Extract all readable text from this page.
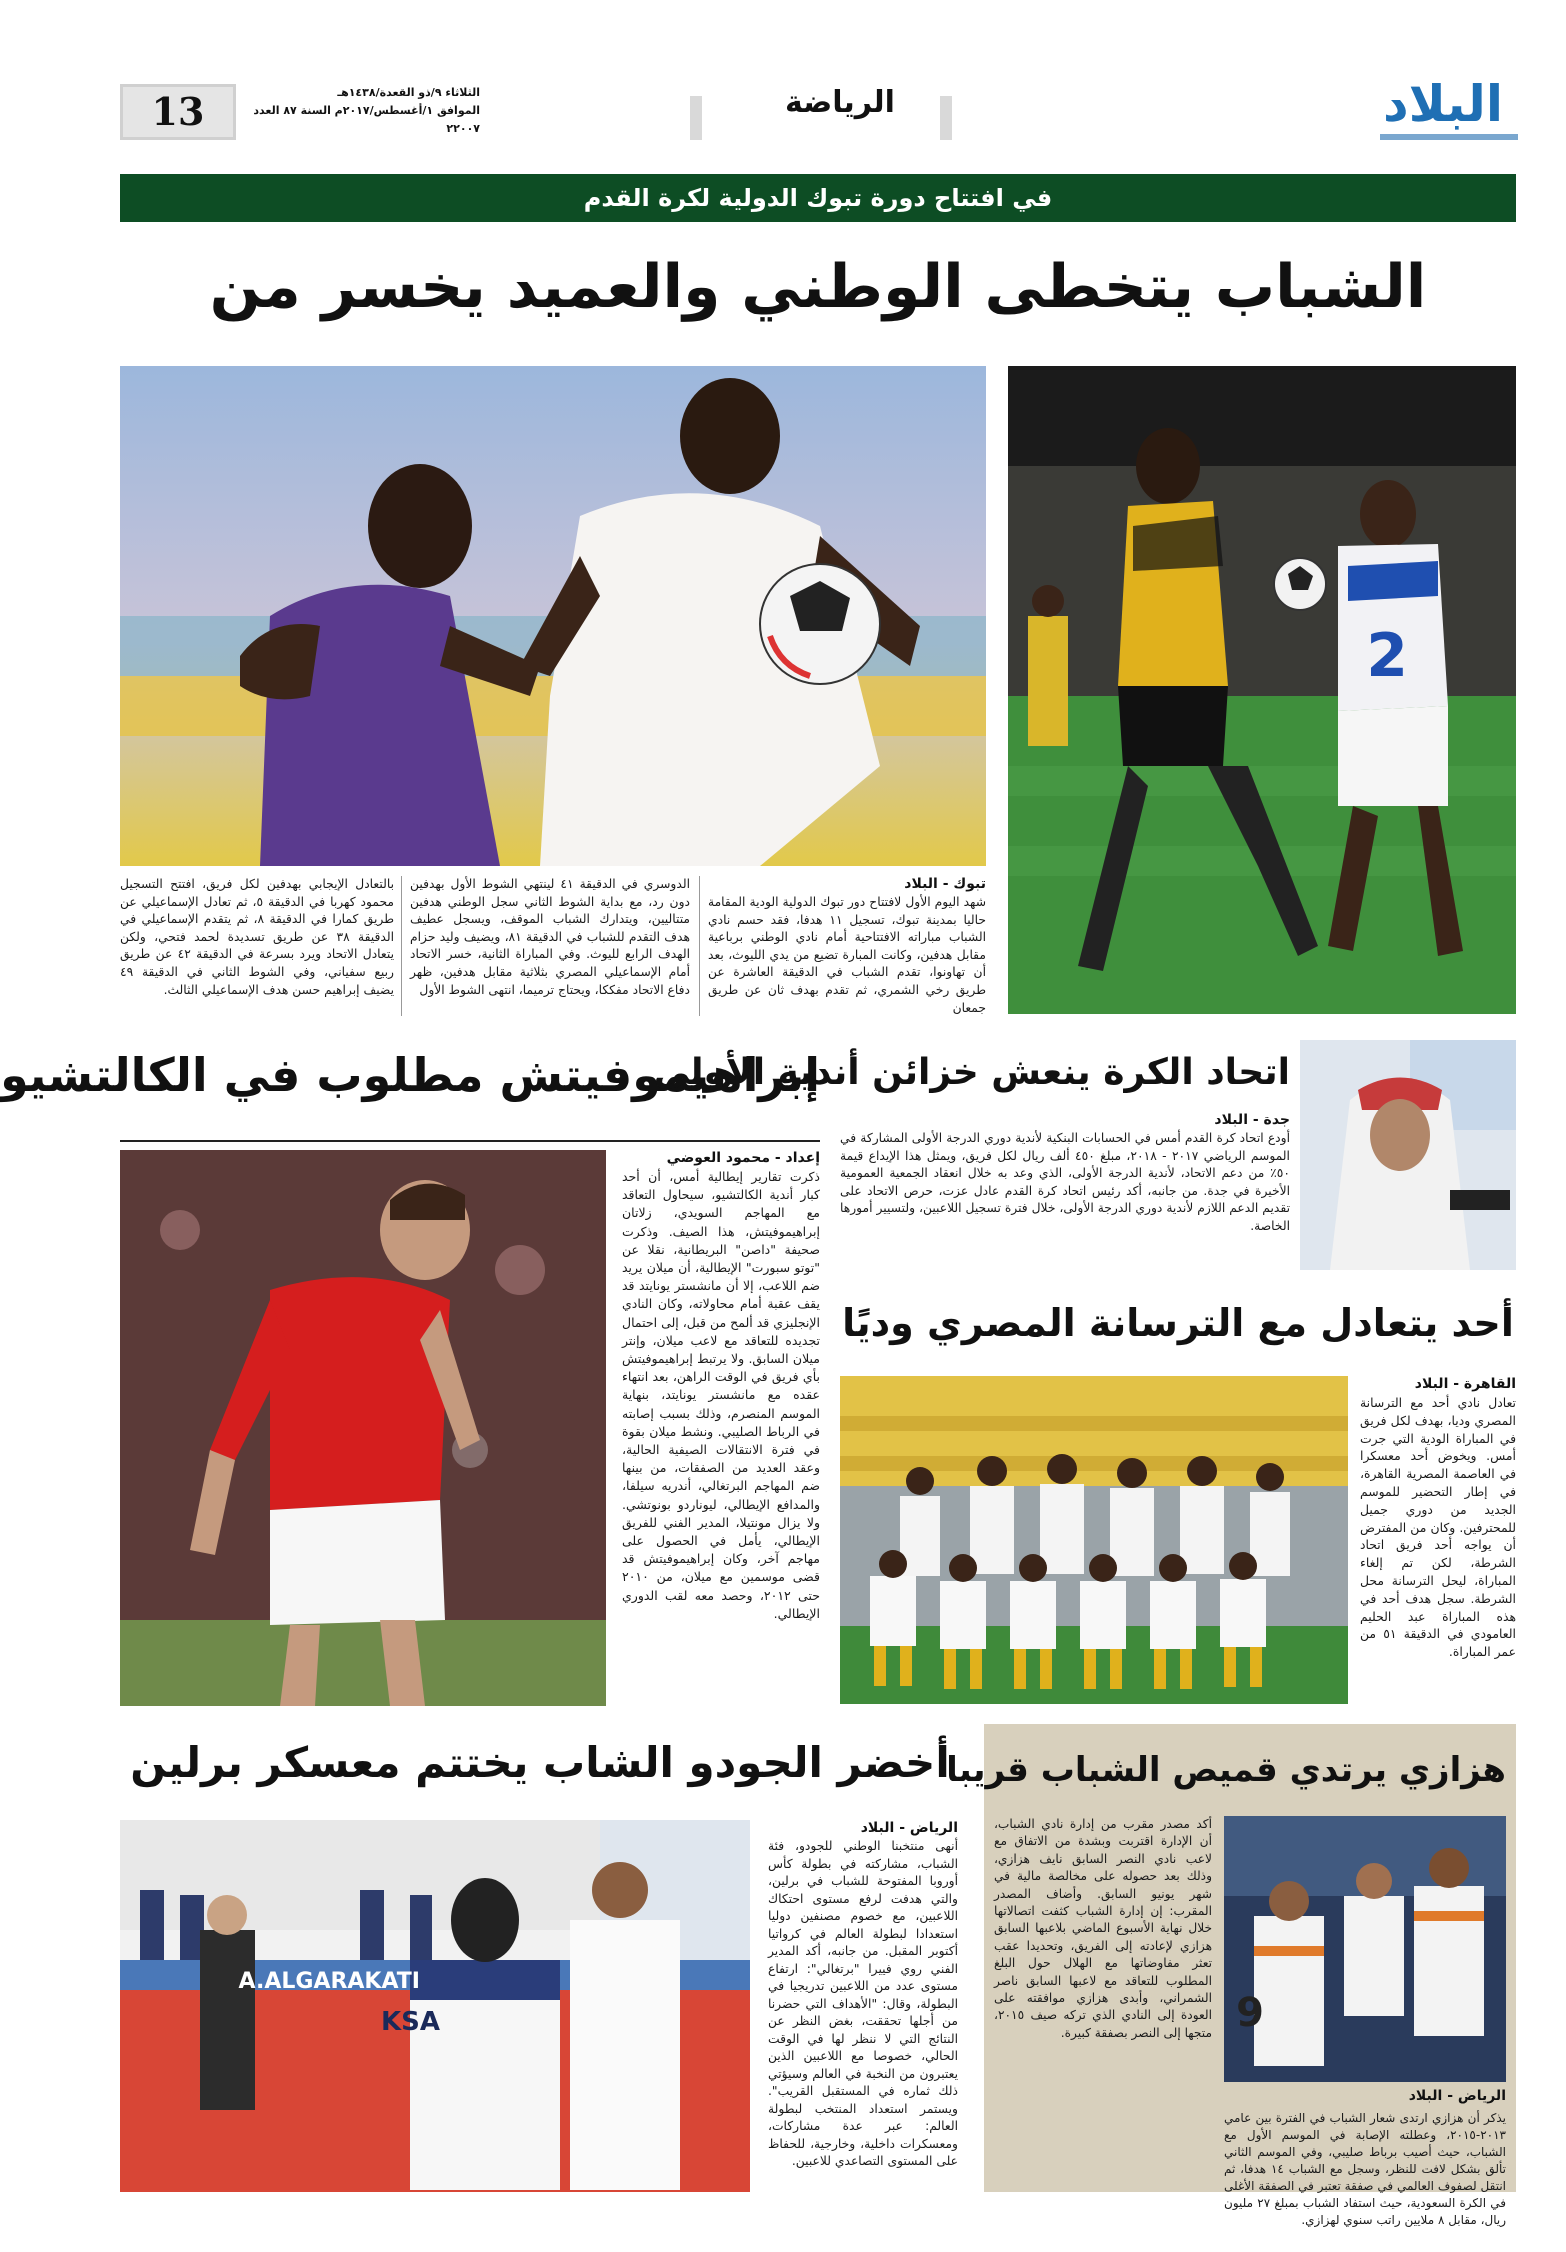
البلاد
الرياضة
الثلاثاء ٩/ذو القعدة/١٤٣٨هـ
الموافق ١/أغسطس/٢٠١٧م السنة ٨٧ العدد ٢٢٠٠٧
13
في افتتاح دورة تبوك الدولية لكرة القدم
الشباب يتخطى الوطني والعميد يخسر من
2
تبوك - البلاد
شهد اليوم الأول لافتتاح دور تبوك الدولية الودية المقامة حاليا بمدينة تبوك، تسجيل ١١ هدفا، فقد حسم نادي الشباب مباراته الافتتاحية أمام نادي الوطني برباعية مقابل هدفين، وكانت المبارة تضيع من يدي الليوث، بعد أن تهاونوا، تقدم الشباب في الدقيقة العاشرة عن طريق رخي الشمري، ثم تقدم بهدف ثان عن طريق جمعان
الدوسري في الدقيقة ٤١ لينتهي الشوط الأول بهدفين دون رد، مع بداية الشوط الثاني سجل الوطني هدفين متتاليين، ويتدارك الشباب الموقف، ويسجل عطيف هدف التقدم للشباب في الدقيقة ٨١، ويضيف وليد حزام الهدف الرابع لليوث. وفي المباراة الثانية، خسر الاتحاد أمام الإسماعيلي المصري بثلاثية مقابل هدفين، ظهر دفاع الاتحاد مفككا، ويحتاج ترميما، انتهى الشوط الأول
بالتعادل الإيجابي بهدفين لكل فريق، افتتح التسجيل محمود كهربا في الدقيقة ٥، ثم تعادل الإسماعيلي عن طريق كمارا في الدقيقة ٨، ثم يتقدم الإسماعيلي في الدقيقة ٣٨ عن طريق تسديدة لحمد فتحي، ولكن يتعادل الاتحاد ويرد بسرعة في الدقيقة ٤٢ عن طريق ربيع سفياني، وفي الشوط الثاني في الدقيقة ٤٩ يضيف إبراهيم حسن هدف الإسماعيلي الثالث.
إبراهيموفيتش مطلوب في الكالتشيو
إعداد - محمود العوضي
ذكرت تقارير إيطالية أمس، أن أحد كبار أندية الكالتشيو، سيحاول التعاقد مع المهاجم السويدي، زلاتان إبراهيموفيتش، هذا الصيف. وذكرت صحيفة "داصن" البريطانية، نقلا عن "توتو سبورت" الإيطالية، أن ميلان يريد ضم اللاعب، إلا أن مانشستر يونايتد قد يقف عقبة أمام محاولاته، وكان النادي الإنجليزي قد ألمح من قبل، إلى احتمال تجديده للتعاقد مع لاعب ميلان، وإنتر ميلان السابق. ولا يرتبط إبراهيموفيتش بأي فريق في الوقت الراهن، بعد انتهاء عقده مع مانشستر يونايتد، بنهاية الموسم المنصرم، وذلك بسبب إصابته في الرباط الصليبي. ونشط ميلان بقوة في فترة الانتقالات الصيفية الحالية، وعقد العديد من الصفقات، من بينها ضم المهاجم البرتغالي، أندريه سيلفا، والمدافع الإيطالي، ليوناردو بونوتشي. ولا يزال مونتيلا، المدير الفني للفريق الإيطالي، يأمل في الحصول على مهاجم آخر، وكان إبراهيموفيتش قد قضى موسمين مع ميلان، من ٢٠١٠ حتى ٢٠١٢، وحصد معه لقب الدوري الإيطالي.
اتحاد الكرة ينعش خزائن أندية الأولى
جدة - البلاد
أودع اتحاد كرة القدم أمس في الحسابات البنكية لأندية دوري الدرجة الأولى المشاركة في الموسم الرياضي ٢٠١٧ - ٢٠١٨، مبلغ ٤٥٠ ألف ريال لكل فريق، ويمثل هذا الإيداع قيمة ٥٠٪ من دعم الاتحاد، لأندية الدرجة الأولى، الذي وعد به خلال انعقاد الجمعية العمومية الأخيرة في جدة. من جانبه، أكد رئيس اتحاد كرة القدم عادل عزت، حرص الاتحاد على تقديم الدعم اللازم لأندية دوري الدرجة الأولى، خلال فترة تسجيل اللاعبين، ولتسيير أمورها الخاصة.
أحد يتعادل مع الترسانة المصري وديًا
القاهرة - البلاد
تعادل نادي أحد مع الترسانة المصري وديا، بهدف لكل فريق في المباراة الودية التي جرت أمس. ويخوض أحد معسكرا في العاصمة المصرية القاهرة، في إطار التحضير للموسم الجديد من دوري جميل للمحترفين. وكان من المفترض أن يواجه أحد فريق اتحاد الشرطة، لكن تم إلغاء المباراة، ليحل الترسانة محل الشرطة. سجل هدف أحد في هذه المباراة عبد الحليم العامودي في الدقيقة ٥١ من عمر المباراة.
أخضر الجودو الشاب يختتم معسكر برلين
A.ALGARAKATI
KSA
الرياض - البلاد
أنهى منتخبنا الوطني للجودو، فئة الشباب، مشاركته في بطولة كأس أوروبا المفتوحة للشباب في برلين، والتي هدفت لرفع مستوى احتكاك اللاعبين، مع خصوم مصنفين دوليا استعدادا لبطولة العالم في كرواتيا أكتوبر المقبل. من جانبه، أكد المدير الفني روي فييرا "برتغالي": ارتفاع مستوى عدد من اللاعبين تدريجيا في البطولة، وقال: "الأهداف التي حضرنا من أجلها تحققت، بغض النظر عن النتائج التي لا ننظر لها في الوقت الحالي، خصوصا مع اللاعبين الذين يعتبرون من النخبة في العالم وسيؤتي ذلك ثماره في المستقبل القريب". ويستمر استعداد المنتخب لبطولة العالم: عبر عدة مشاركات، ومعسكرات داخلية، وخارجية، للحفاظ على المستوى التصاعدي للاعبين.
هزازي يرتدي قميص الشباب قريبا
9
الرياض - البلاد
أكد مصدر مقرب من إدارة نادي الشباب، أن الإدارة اقتربت وبشدة من الاتفاق مع لاعب نادي النصر السابق نايف هزازي، وذلك بعد حصوله على مخالصة مالية في شهر يونيو السابق. وأضاف المصدر المقرب: إن إدارة الشباب كثفت اتصالاتها خلال نهاية الأسبوع الماضي بلاعبها السابق هزازي لإعادته إلى الفريق، وتحديدا عقب تعثر مفاوضاتها مع الهلال حول البلغ المطلوب للتعاقد مع لاعبها السابق ناصر الشمراني، وأبدى هزازي موافقته على العودة إلى النادي الذي تركه صيف ٢٠١٥، متجها إلى النصر بصفقة كبيرة.
يذكر أن هزازي ارتدى شعار الشباب في الفترة بين عامي ٢٠١٣-٢٠١٥، وعطلته الإصابة في الموسم الأول مع الشباب، حيث أصيب برباط صليبي، وفي الموسم الثاني تألق بشكل لافت للنظر، وسجل مع الشباب ١٤ هدفا، ثم انتقل لصفوف العالمي في صفقة تعتبر في الصفقة الأغلى في الكرة السعودية، حيث استفاد الشباب بمبلغ ٢٧ مليون ريال، مقابل ٨ ملايين راتب سنوي لهزازي.
